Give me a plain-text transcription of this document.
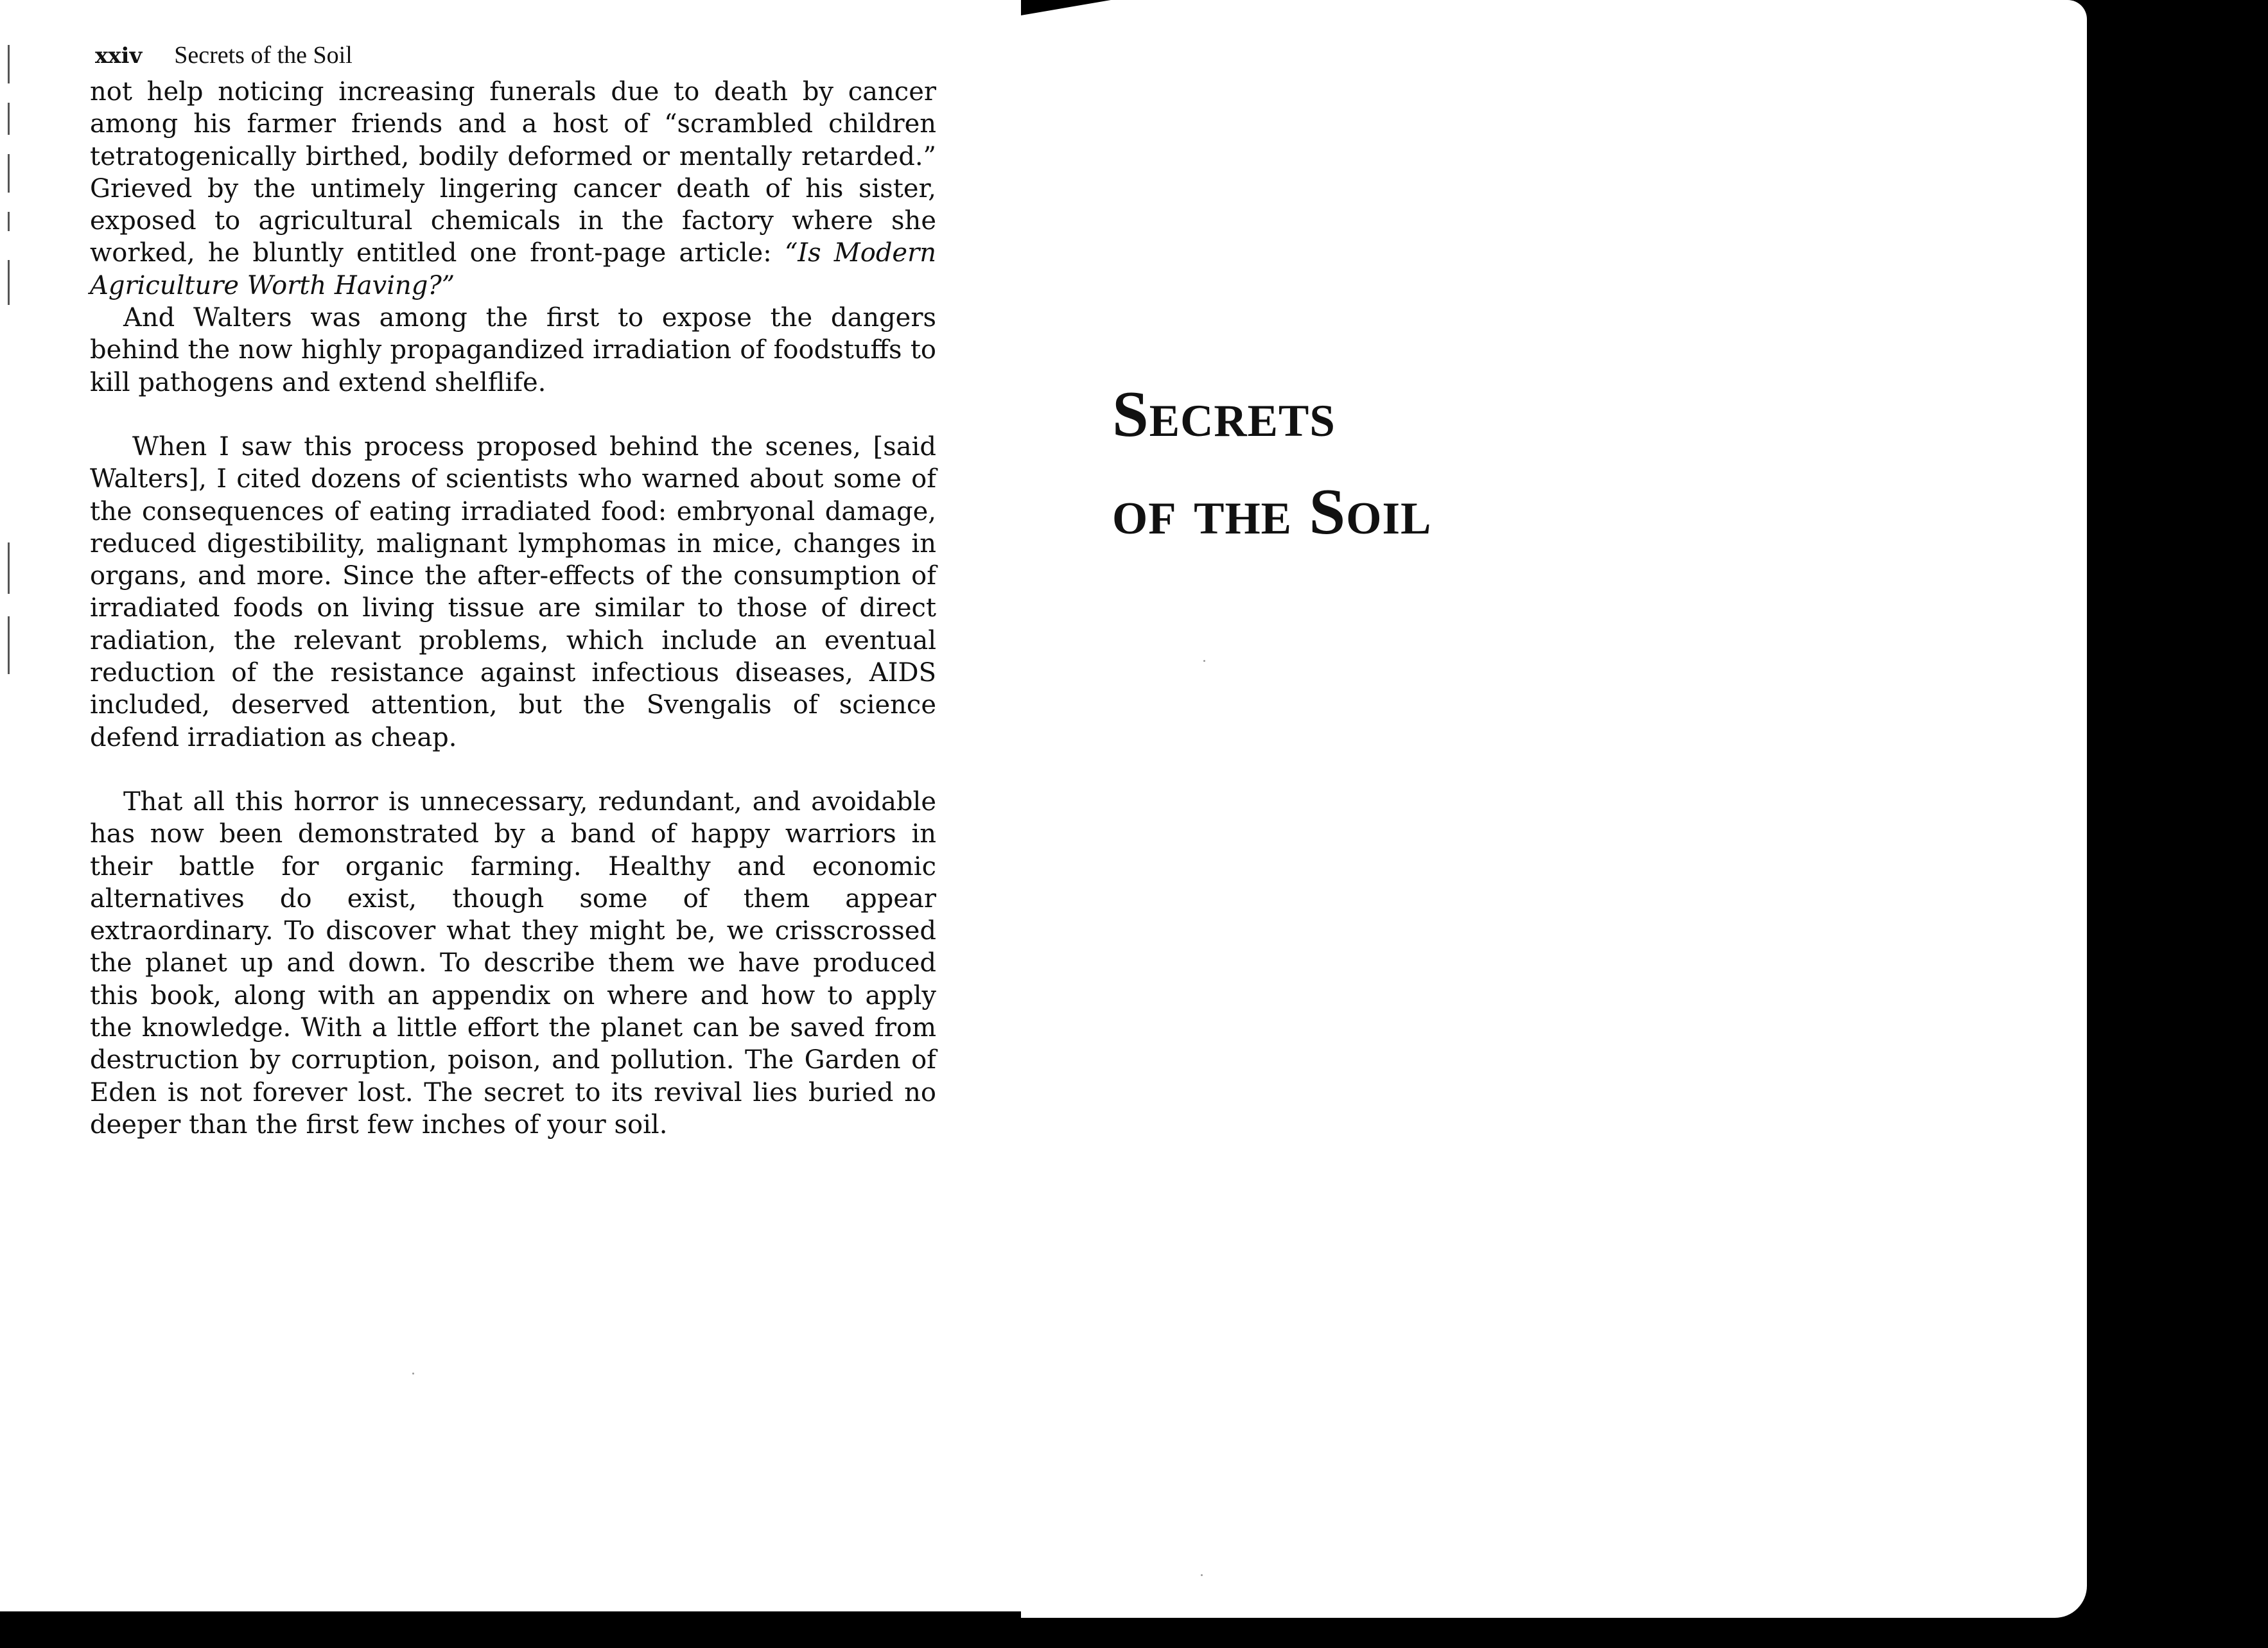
xxiv Secrets of the Soil

not help noticing increasing funerals due to death by cancer among his farmer friends and a host of “scrambled children tetratogenically birthed, bodily deformed or mentally retarded.” Grieved by the untimely lingering cancer death of his sister, exposed to agricultural chemicals in the factory where she worked, he bluntly entitled one front-page article: “Is Modern Agriculture Worth Having?”

And Walters was among the first to expose the dangers behind the now highly propagandized irradiation of foodstuffs to kill pathogens and extend shelflife.

When I saw this process proposed behind the scenes, [said Walters], I cited dozens of scientists who warned about some of the consequences of eating irradiated food: embryonal damage, reduced digestibility, malignant lymphomas in mice, changes in organs, and more. Since the after-effects of the consumption of irradiated foods on living tissue are similar to those of direct radiation, the relevant problems, which include an eventual reduction of the resistance against infectious diseases, AIDS included, deserved attention, but the Svengalis of science defend irradiation as cheap.

That all this horror is unnecessary, redundant, and avoidable has now been demonstrated by a band of happy warriors in their battle for organic farming. Healthy and economic alternatives do exist, though some of them appear extraordinary. To discover what they might be, we crisscrossed the planet up and down. To describe them we have produced this book, along with an appendix on where and how to apply the knowledge. With a little effort the planet can be saved from destruction by corruption, poison, and pollution. The Garden of Eden is not forever lost. The secret to its revival lies buried no deeper than the first few inches of your soil.

Secrets
of the Soil
